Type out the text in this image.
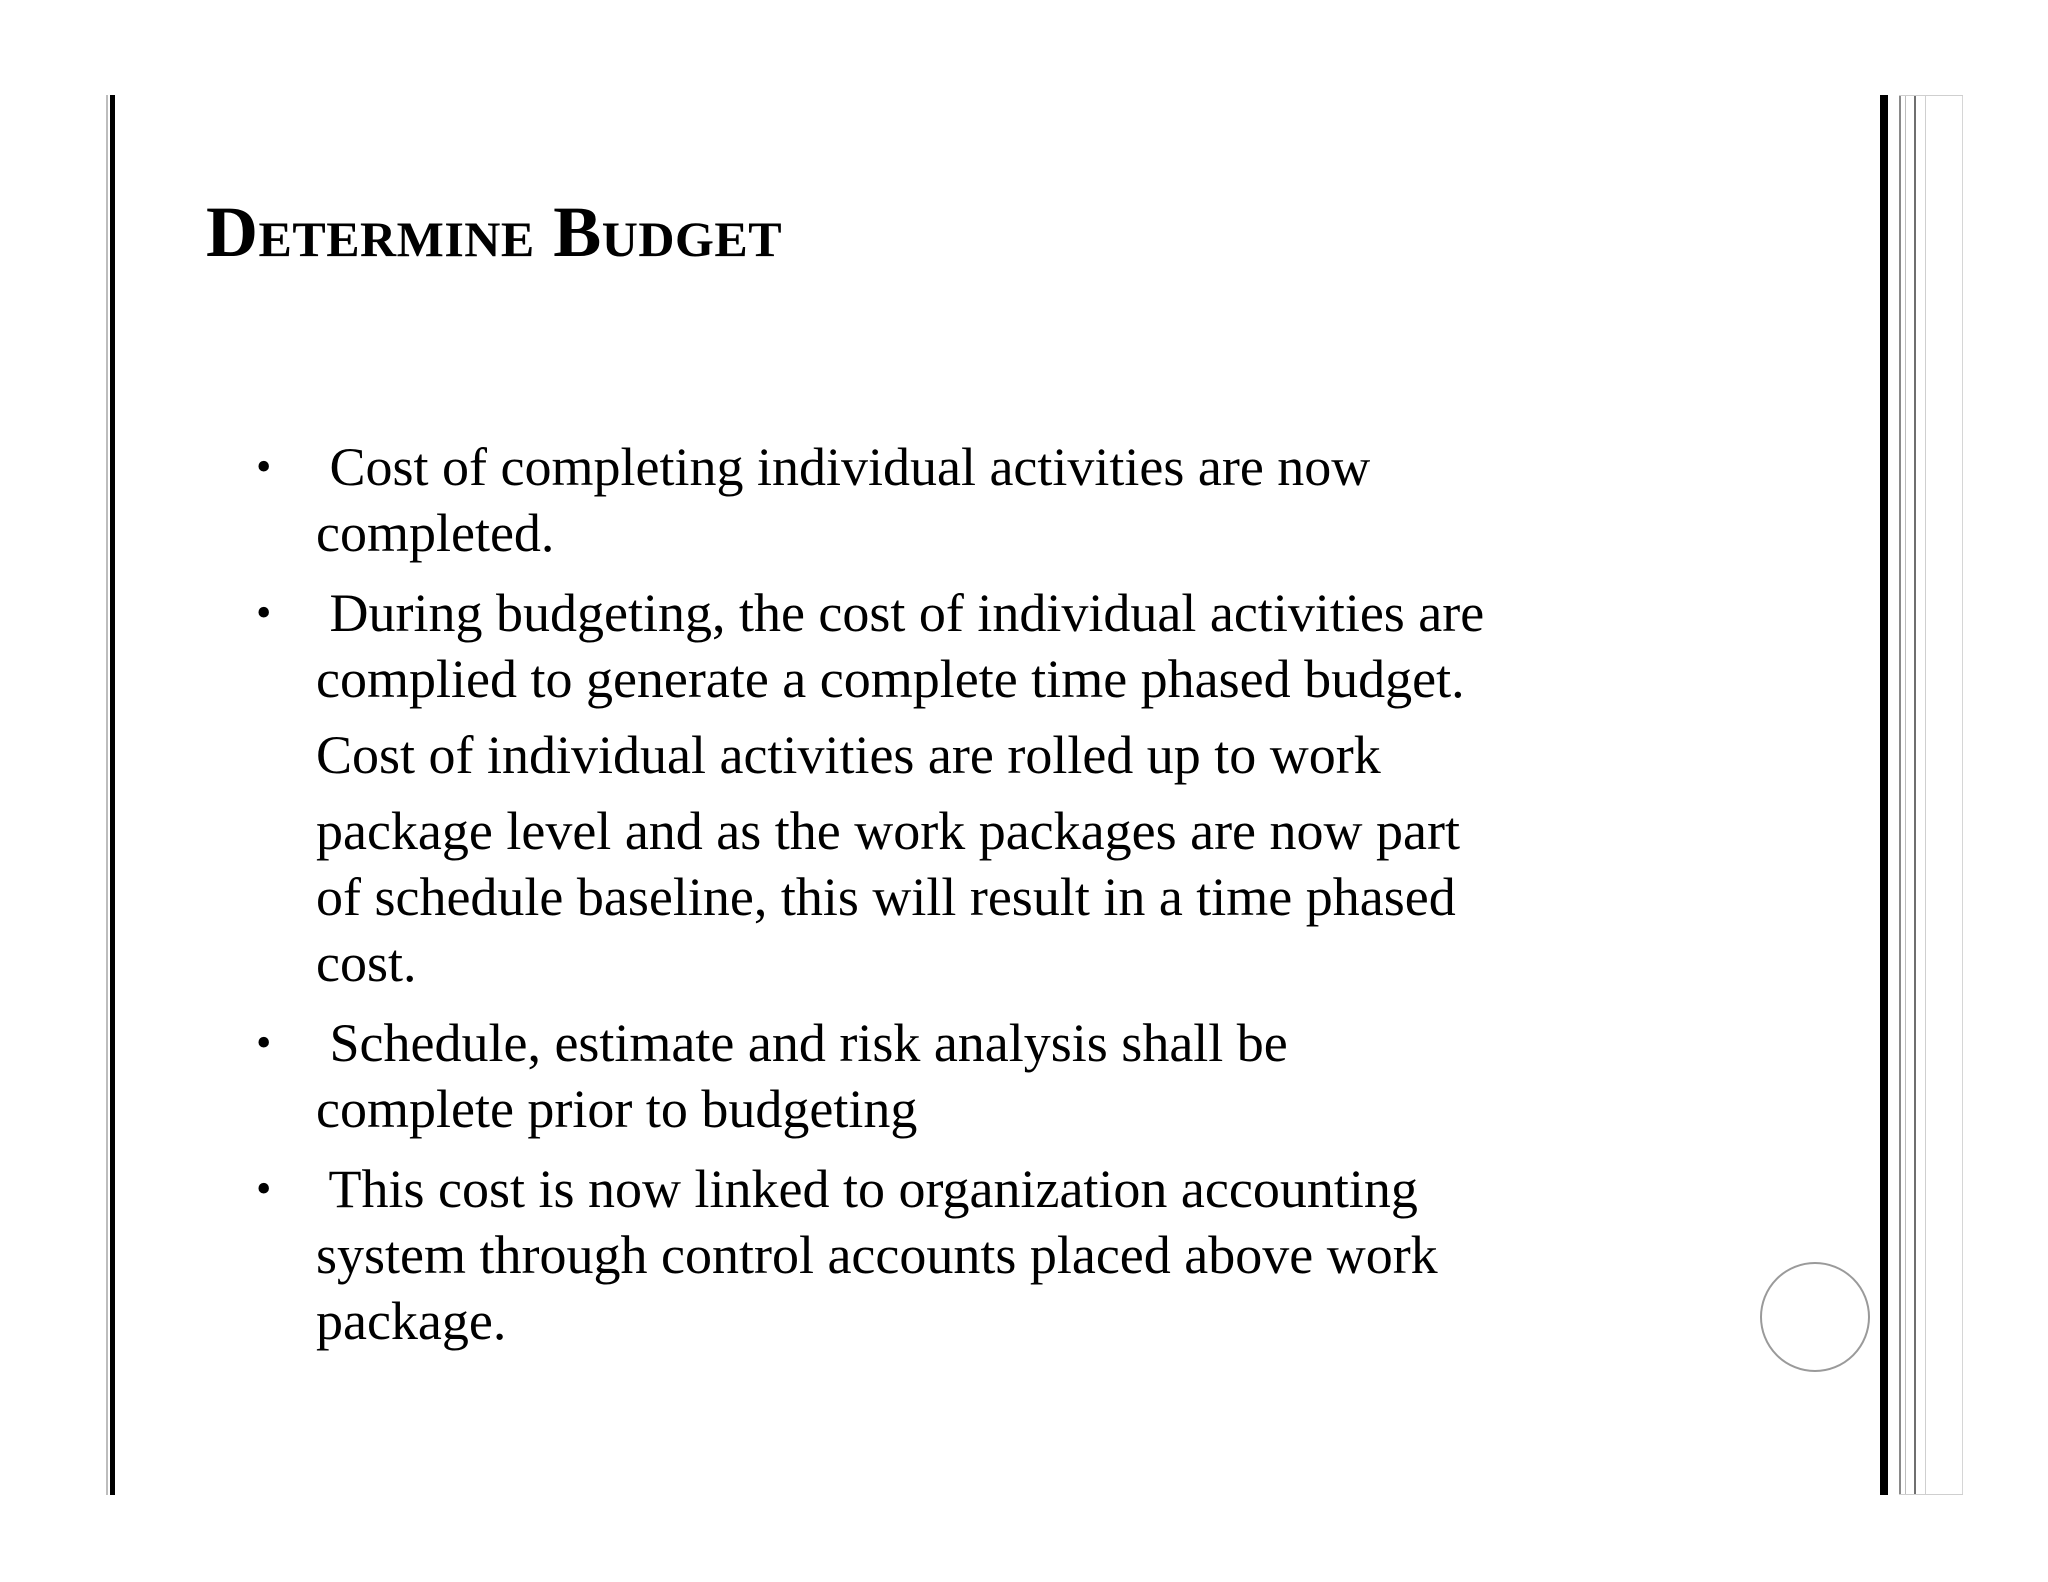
Determine Budget
• Cost of completing individual activities are now
completed.
• During budgeting, the cost of individual activities are
complied to generate a complete time phased budget.
Cost of individual activities are rolled up to work
package level and as the work packages are now part
of schedule baseline, this will result in a time phased
cost.
• Schedule, estimate and risk analysis shall be
complete prior to budgeting
• This cost is now linked to organization accounting
system through control accounts placed above work
package.
